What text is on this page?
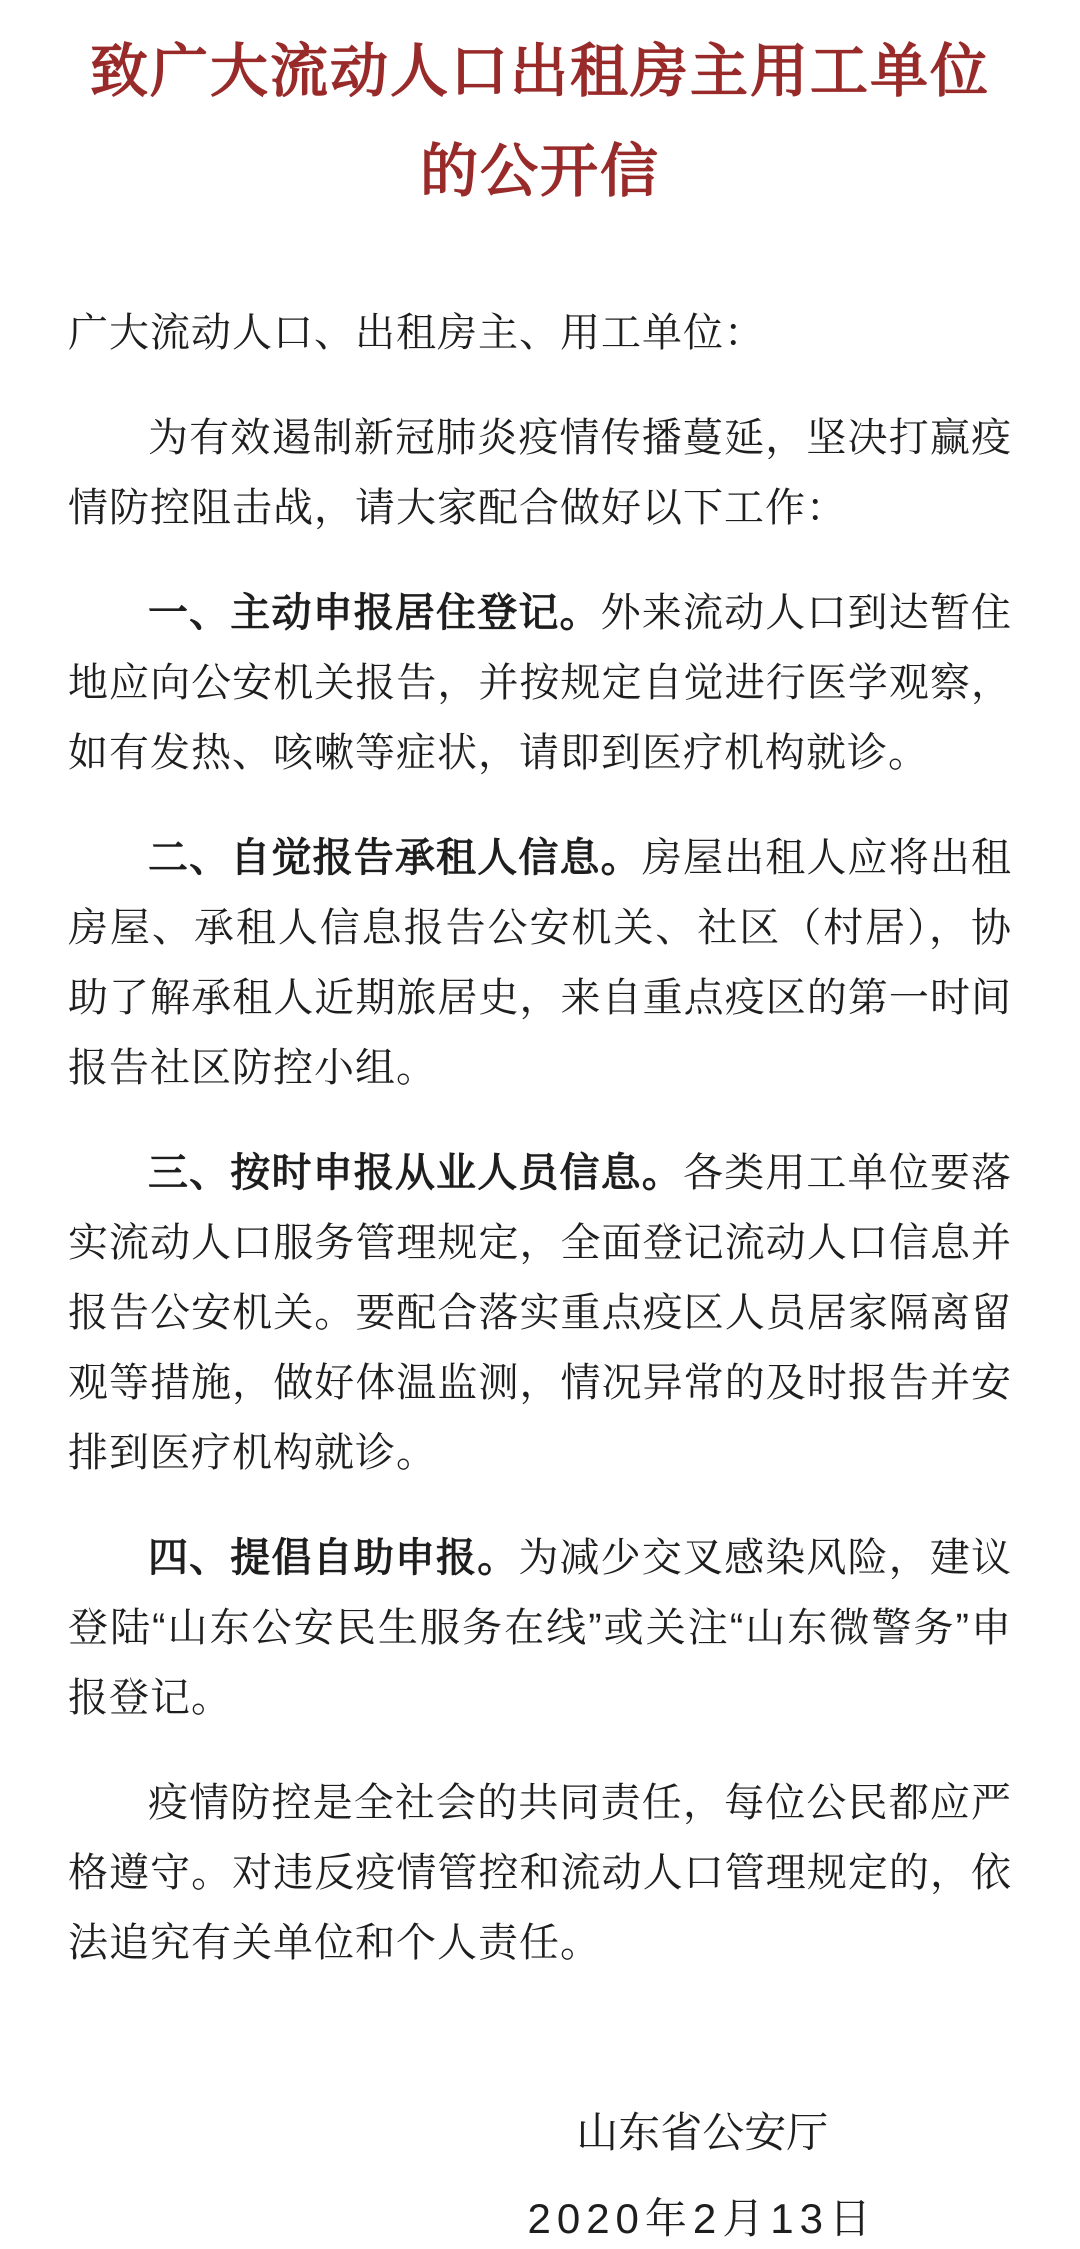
致广大流动人口出租房主用工单位
的公开信
广大流动人口、出租房主、用工单位：

为有效遏制新冠肺炎疫情传播蔓延，坚决打赢疫情防控阻击战，请大家配合做好以下工作：

一、主动申报居住登记。外来流动人口到达暂住地应向公安机关报告，并按规定自觉进行医学观察，如有发热、咳嗽等症状，请即到医疗机构就诊。

二、自觉报告承租人信息。房屋出租人应将出租房屋、承租人信息报告公安机关、社区（村居），协助了解承租人近期旅居史，来自重点疫区的第一时间报告社区防控小组。

三、按时申报从业人员信息。各类用工单位要落实流动人口服务管理规定，全面登记流动人口信息并报告公安机关。要配合落实重点疫区人员居家隔离留观等措施，做好体温监测，情况异常的及时报告并安排到医疗机构就诊。

四、提倡自助申报。为减少交叉感染风险，建议登陆“山东公安民生服务在线”或关注“山东微警务”申报登记。

疫情防控是全社会的共同责任，每位公民都应严格遵守。对违反疫情管控和流动人口管理规定的，依法追究有关单位和个人责任。

山东省公安厅
2020年2月13日
